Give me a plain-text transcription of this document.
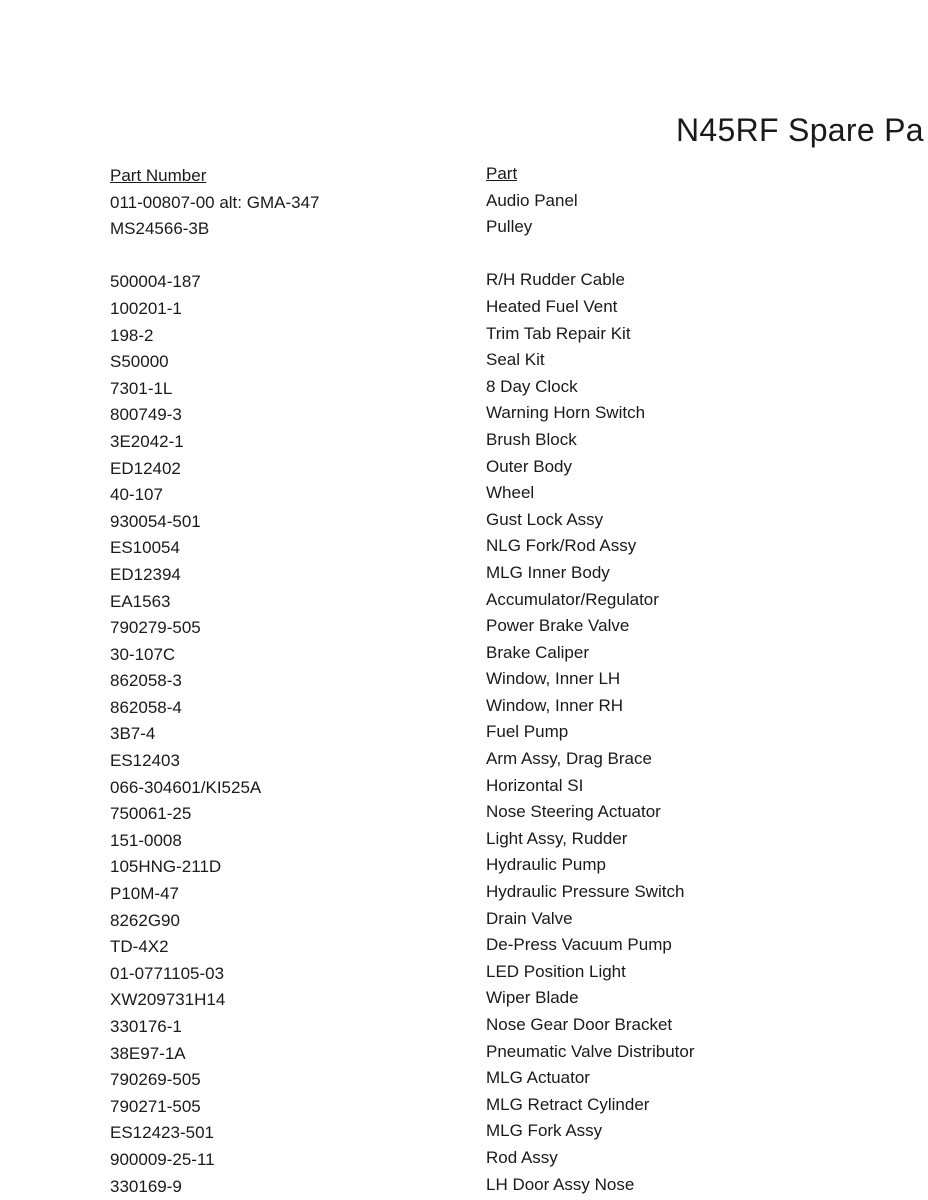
N45RF Spare Pa
Part Number
011-00807-00 alt: GMA-347
MS24566-3B
500004-187
100201-1
198-2
S50000
7301-1L
800749-3
3E2042-1
ED12402
40-107
930054-501
ES10054
ED12394
EA1563
790279-505
30-107C
862058-3
862058-4
3B7-4
ES12403
066-304601/KI525A
750061-25
151-0008
105HNG-211D
P10M-47
8262G90
TD-4X2
01-0771105-03
XW209731H14
330176-1
38E97-1A
790269-505
790271-505
ES12423-501
900009-25-11
330169-9
Part
Audio Panel
Pulley
R/H Rudder Cable
Heated Fuel Vent
Trim Tab Repair Kit
Seal Kit
8 Day Clock
Warning Horn Switch
Brush Block
Outer Body
Wheel
Gust Lock Assy
NLG Fork/Rod Assy
MLG Inner Body
Accumulator/Regulator
Power Brake Valve
Brake Caliper
Window, Inner LH
Window, Inner RH
Fuel Pump
Arm Assy, Drag Brace
Horizontal SI
Nose Steering Actuator
Light Assy, Rudder
Hydraulic Pump
Hydraulic Pressure Switch
Drain Valve
De-Press Vacuum Pump
LED Position Light
Wiper Blade
Nose Gear Door Bracket
Pneumatic Valve Distributor
MLG Actuator
MLG Retract Cylinder
MLG Fork Assy
Rod Assy
LH Door Assy Nose
